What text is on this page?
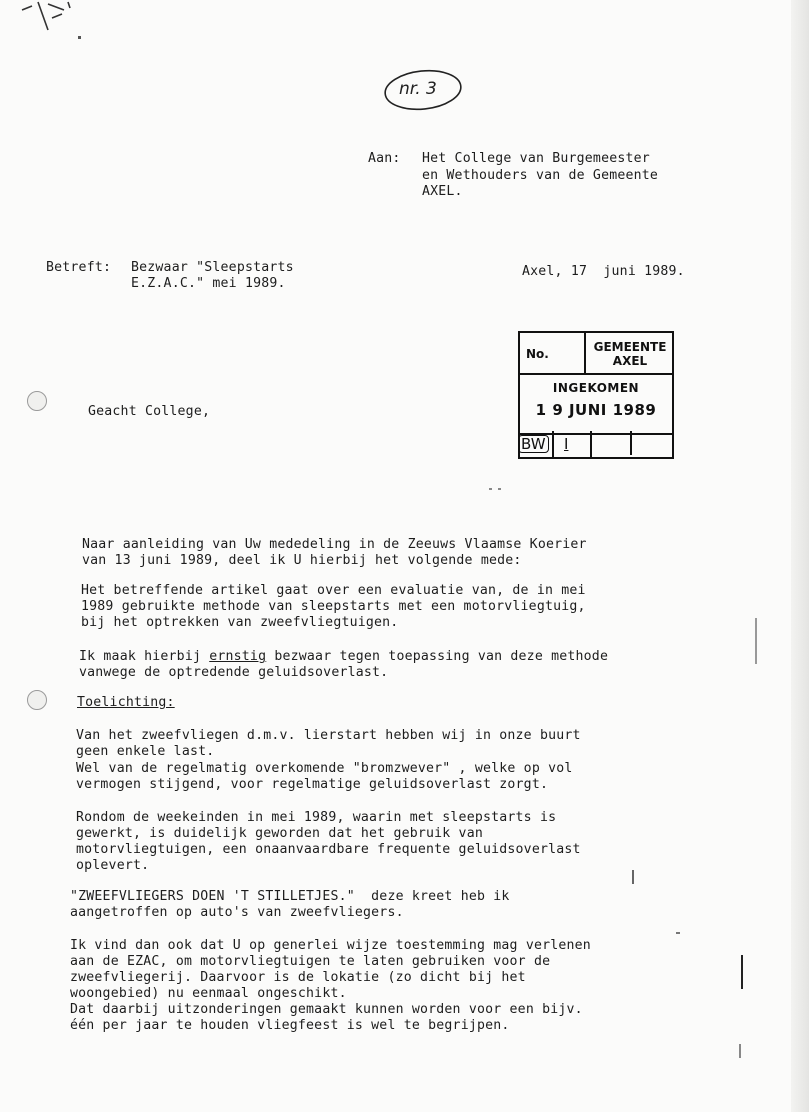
nr. 3
Aan: Het College van Burgemeester
en Wethouders van de Gemeente
AXEL.
Betreft: Bezwaar "Sleepstarts
E.Z.A.C." mei 1989.
Axel, 17  juni 1989.
No.	GEMEENTE
AXEL
INGEKOMEN
1 9 JUNI 1989
BW I
Geacht College,
Naar aanleiding van Uw mededeling in de Zeeuws Vlaamse Koerier
van 13 juni 1989, deel ik U hierbij het volgende mede:
Het betreffende artikel gaat over een evaluatie van, de in mei
1989 gebruikte methode van sleepstarts met een motorvliegtuig,
bij het optrekken van zweefvliegtuigen.
Ik maak hierbij ernstig bezwaar tegen toepassing van deze methode
vanwege de optredende geluidsoverlast.
Toelichting:
Van het zweefvliegen d.m.v. lierstart hebben wij in onze buurt
geen enkele last.
Wel van de regelmatig overkomende "bromzwever" , welke op vol
vermogen stijgend, voor regelmatige geluidsoverlast zorgt.
Rondom de weekeinden in mei 1989, waarin met sleepstarts is
gewerkt, is duidelijk geworden dat het gebruik van
motorvliegtuigen, een onaanvaardbare frequente geluidsoverlast
oplevert.
"ZWEEFVLIEGERS DOEN 'T STILLETJES."  deze kreet heb ik
aangetroffen op auto's van zweefvliegers.
Ik vind dan ook dat U op generlei wijze toestemming mag verlenen
aan de EZAC, om motorvliegtuigen te laten gebruiken voor de
zweefvliegerij. Daarvoor is de lokatie (zo dicht bij het
woongebied) nu eenmaal ongeschikt.
Dat daarbij uitzonderingen gemaakt kunnen worden voor een bijv.
één per jaar te houden vliegfeest is wel te begrijpen.
